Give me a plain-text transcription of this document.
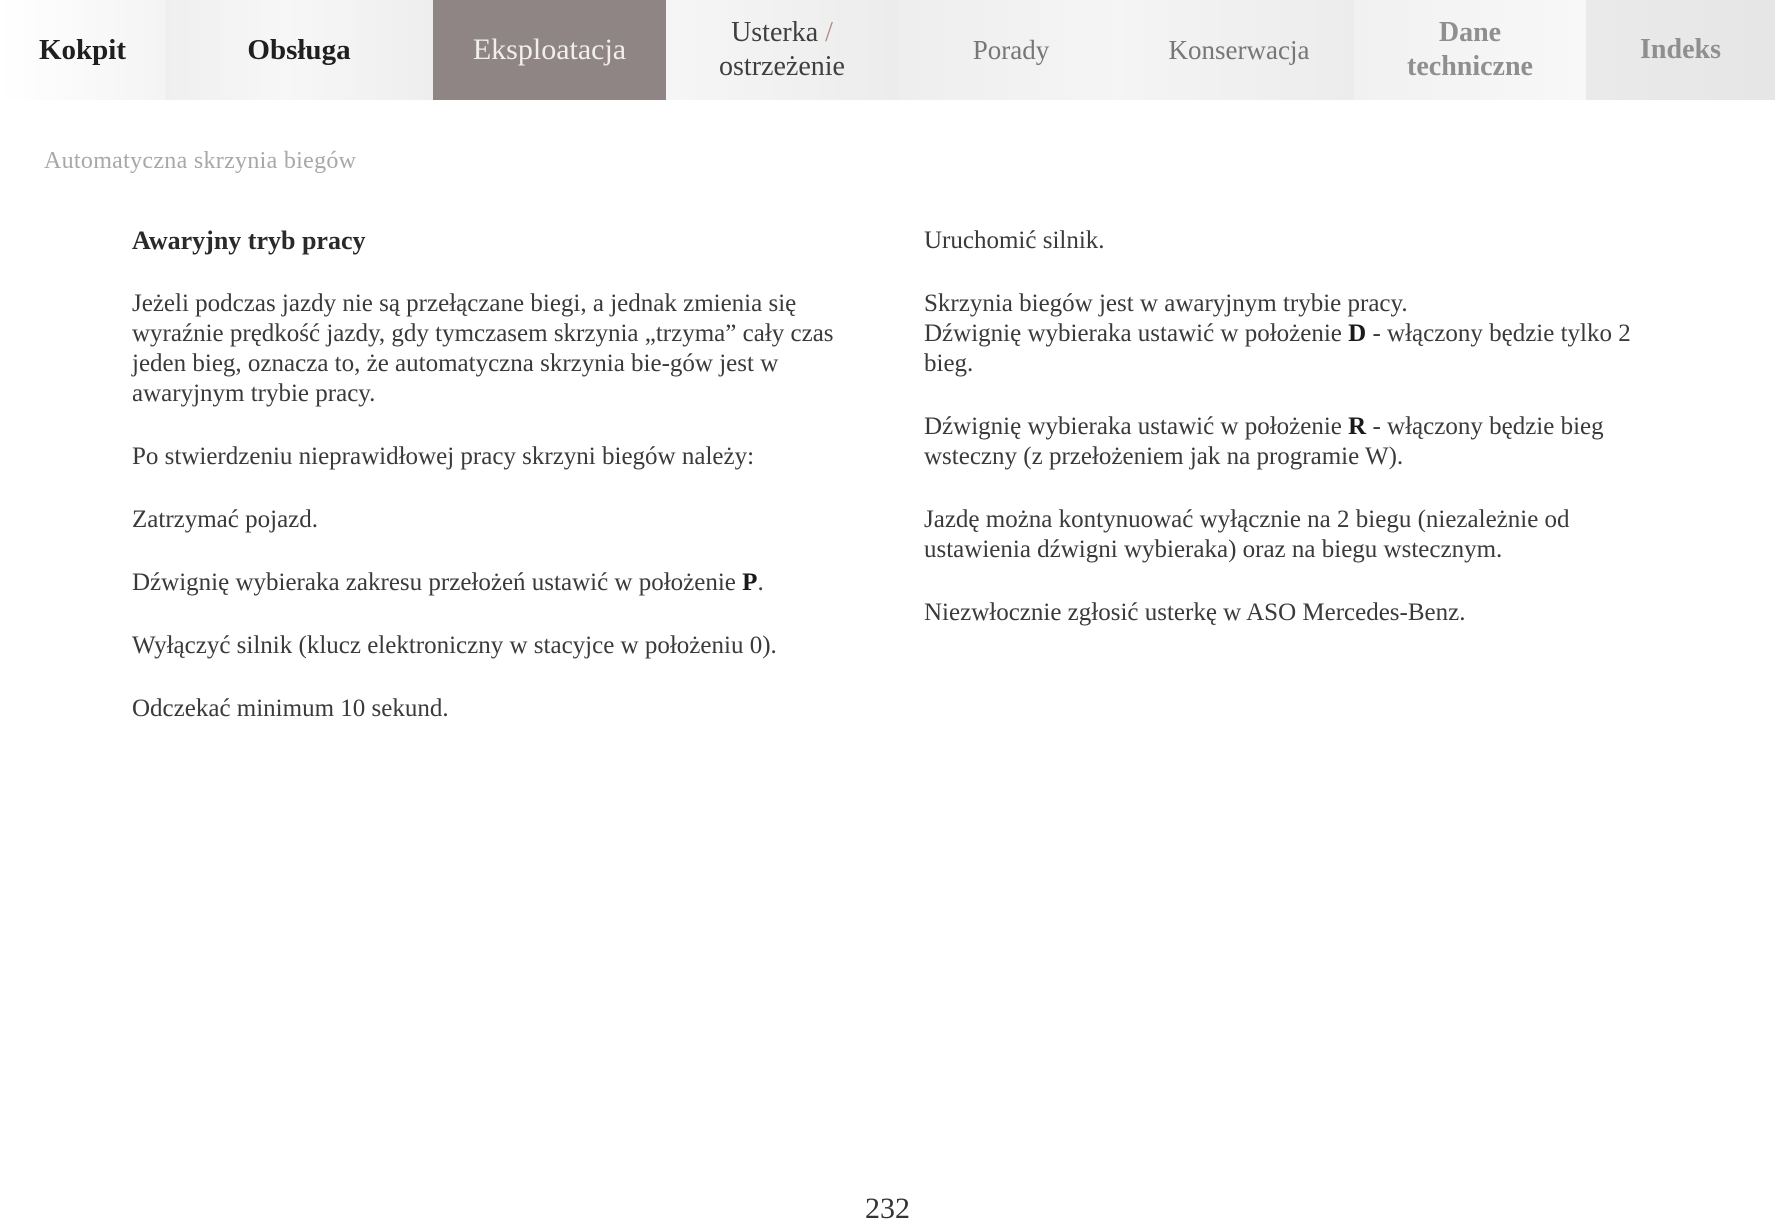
Kokpit	Obsługa	Eksploatacja
Usterka /
ostrzeżenie
Porady	Konserwacja
Dane
techniczne
Indeks
Automatyczna skrzynia biegów
Awaryjny tryb pracy
Jeżeli podczas jazdy nie są przełączane biegi, a jednak zmienia się wyraźnie prędkość jazdy, gdy tymczasem skrzynia „trzyma” cały czas jeden bieg, oznacza to, że automatyczna skrzynia bie-gów jest w awaryjnym trybie pracy.
Po stwierdzeniu nieprawidłowej pracy skrzyni biegów należy:
Zatrzymać pojazd.
Dźwignię wybieraka zakresu przełożeń ustawić w położenie P.
Wyłączyć silnik (klucz elektroniczny w stacyjce w położeniu 0).
Odczekać minimum 10 sekund.
Uruchomić silnik.
Skrzynia biegów jest w awaryjnym trybie pracy.
Dźwignię wybieraka ustawić w położenie D - włączony będzie tylko 2 bieg.
Dźwignię wybieraka ustawić w położenie R - włączony będzie bieg wsteczny (z przełożeniem jak na programie W).
Jazdę można kontynuować wyłącznie na 2 biegu (niezależnie od ustawienia dźwigni wybieraka) oraz na biegu wstecznym.
Niezwłocznie zgłosić usterkę w ASO Mercedes-Benz.
232
